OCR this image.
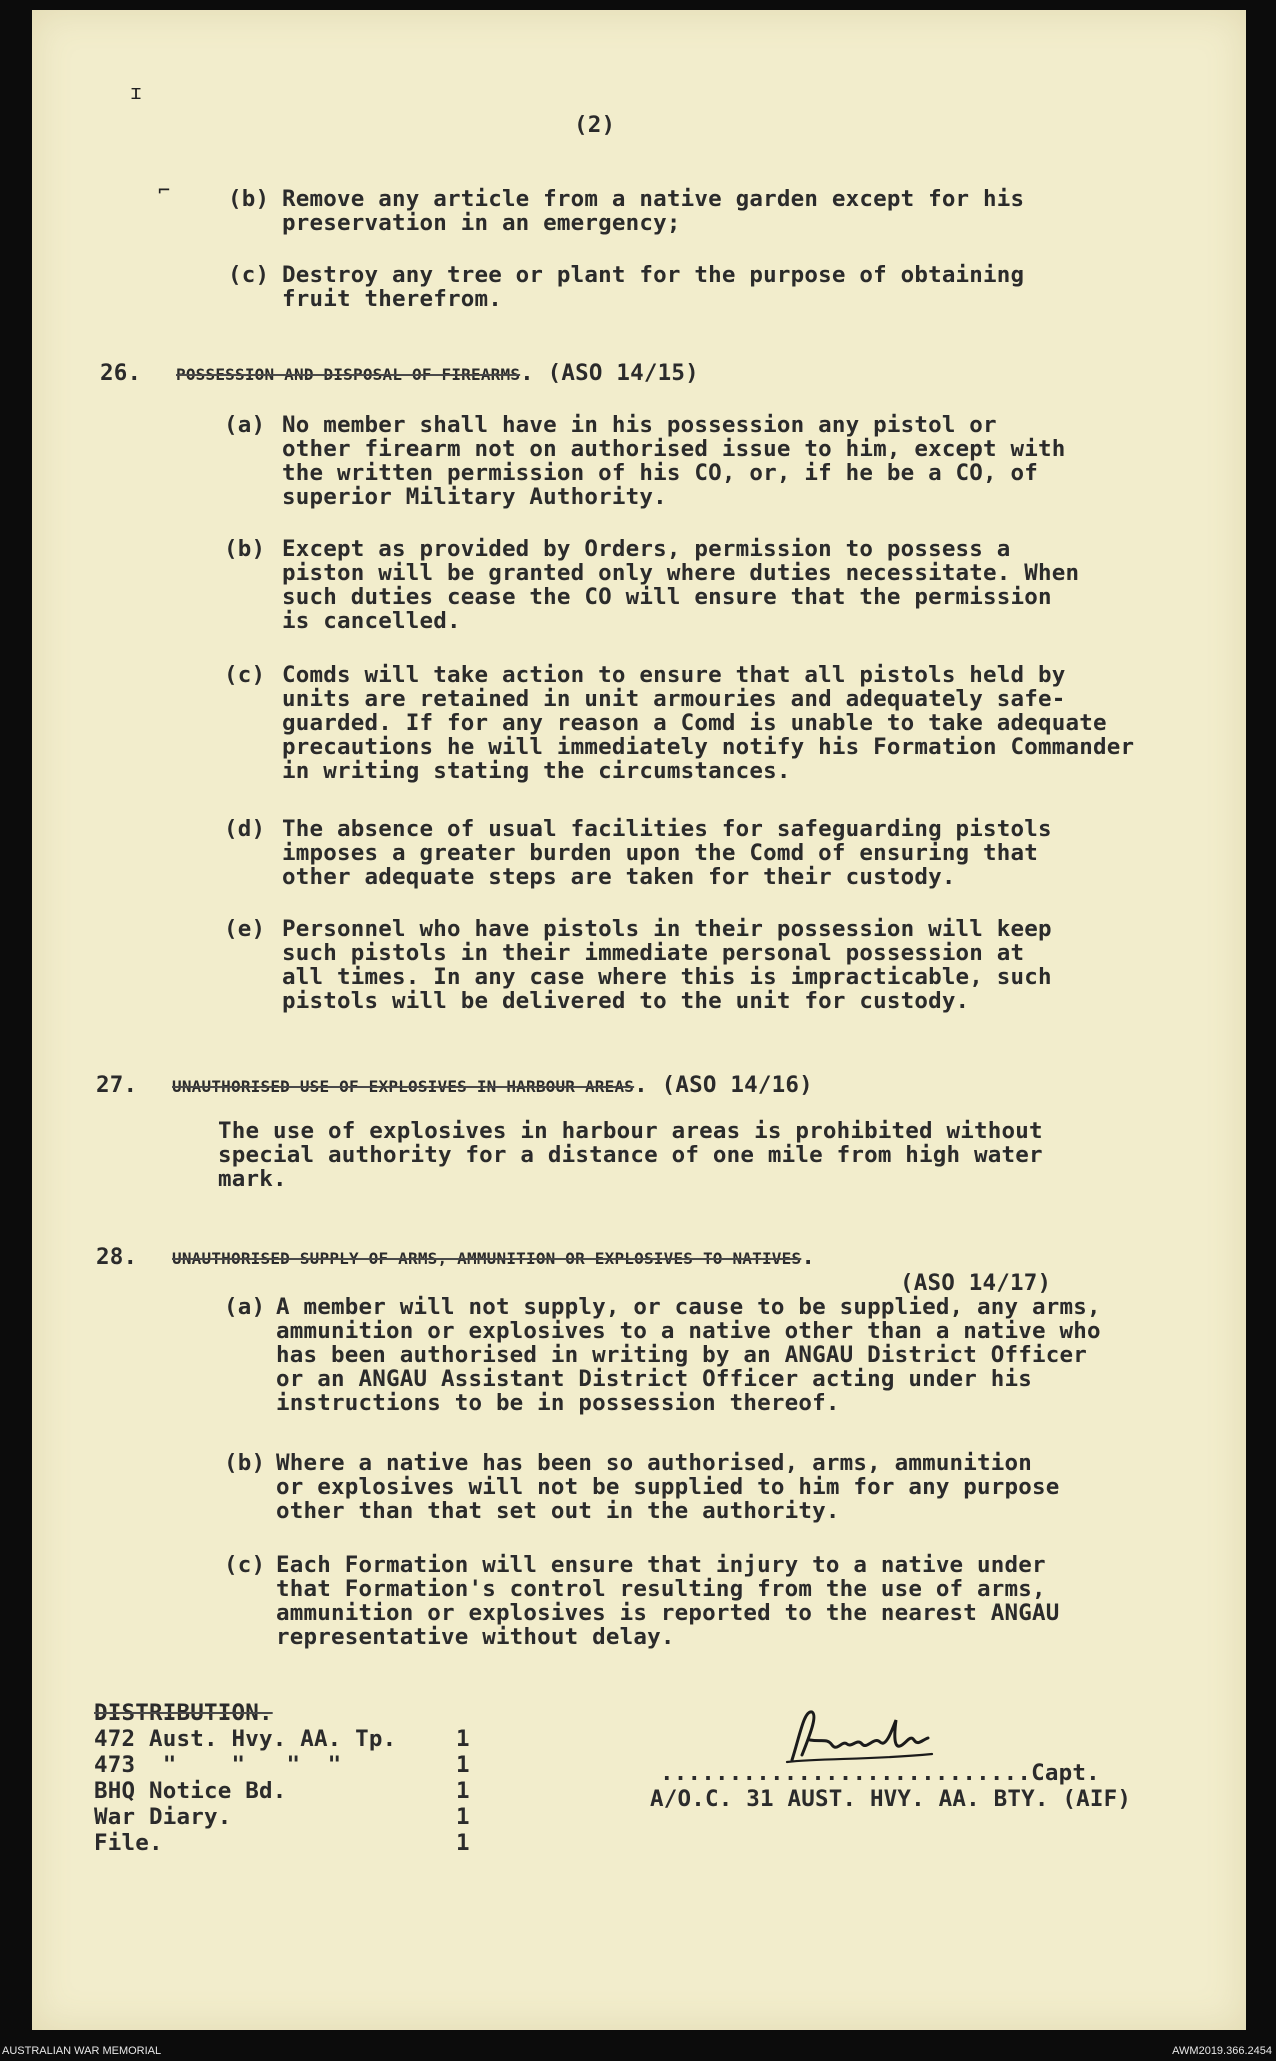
(2)
ɪ
⌐	(b) Remove any article from a native garden except for his
preservation in an emergency;
(c) Destroy any tree or plant for the purpose of obtaining
fruit therefrom.
26. POSSESSION AND DISPOSAL OF FIREARMS. (ASO 14/15)
(a) No member shall have in his possession any pistol or
other firearm not on authorised issue to him, except with
the written permission of his CO, or, if he be a CO, of
superior Military Authority.
(b) Except as provided by Orders, permission to possess a
piston will be granted only where duties necessitate. When
such duties cease the CO will ensure that the permission
is cancelled.
(c) Comds will take action to ensure that all pistols held by
units are retained in unit armouries and adequately safe-
guarded. If for any reason a Comd is unable to take adequate
precautions he will immediately notify his Formation Commander
in writing stating the circumstances.
(d) The absence of usual facilities for safeguarding pistols
imposes a greater burden upon the Comd of ensuring that
other adequate steps are taken for their custody.
(e) Personnel who have pistols in their possession will keep
such pistols in their immediate personal possession at
all times. In any case where this is impracticable, such
pistols will be delivered to the unit for custody.
27. UNAUTHORISED USE OF EXPLOSIVES IN HARBOUR AREAS. (ASO 14/16)
The use of explosives in harbour areas is prohibited without
special authority for a distance of one mile from high water
mark.
28. UNAUTHORISED SUPPLY OF ARMS, AMMUNITION OR EXPLOSIVES TO NATIVES.
(ASO 14/17)
(a) A member will not supply, or cause to be supplied, any arms,
ammunition or explosives to a native other than a native who
has been authorised in writing by an ANGAU District Officer
or an ANGAU Assistant District Officer acting under his
instructions to be in possession thereof.
(b) Where a native has been so authorised, arms, ammunition
or explosives will not be supplied to him for any purpose
other than that set out in the authority.
(c) Each Formation will ensure that injury to a native under
that Formation's control resulting from the use of arms,
ammunition or explosives is reported to the nearest ANGAU
representative without delay.
DISTRIBUTION.
472 Aust. Hvy. AA. Tp.	1
473  "    "   "  "	1
BHQ Notice Bd.	1
War Diary.	1
File.	1
...........................Capt.
A/O.C. 31 AUST. HVY. AA. BTY. (AIF)
AUSTRALIAN WAR MEMORIAL	AWM2019.366.2454
